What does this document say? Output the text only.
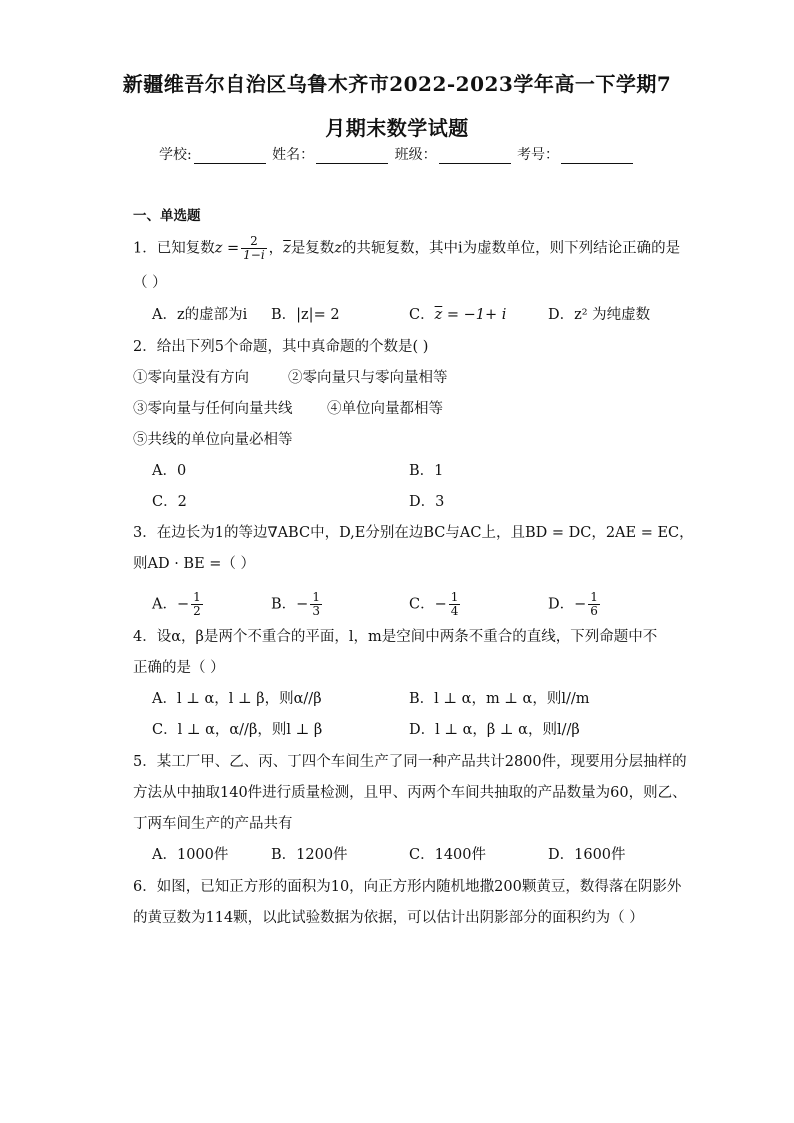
新疆维吾尔自治区乌鲁木齐市2022-2023学年高一下学期7
月期末数学试题
学校:	姓名：	班级：	考号：
一、单选题
1．已知复数$z = \frac{2}{1-i}$ ，$\overline{z}$是复数z的共轭复数，其中i为虚数单位，则下列结论正确的是
（ ）
A．z的虚部为i B．|z|= 2	C．$\overline{z} = -1+ i$	D．z² 为纯虚数
2．给出下列5个命题，其中真命题的个数是( )
①零向量没有方向	②零向量只与零向量相等
③零向量与任何向量共线 ④单位向量都相等
⑤共线的单位向量必相等
A．0	B．1
C．2	D．3
3．在边长为1的等边∇ABC中，D,E分别在边BC与AC上，且BD = DC，2AE = EC，
则AD · BE =（ ）
A．− $\frac{1}{2}$	B．− $\frac{1}{3}$	C．− $\frac{1}{4}$	D．− $\frac{1}{6}$
4．设α，β是两个不重合的平面，l，m是空间中两条不重合的直线，下列命题中不
正确的是（ ）
A．l ⊥ α，l ⊥ β，则α//β	B．l ⊥ α，m ⊥ α，则l//m
C．l ⊥ α，α//β，则l ⊥ β	D．l ⊥ α，β ⊥ α，则l//β
5．某工厂甲、乙、丙、丁四个车间生产了同一种产品共计2800件，现要用分层抽样的
方法从中抽取140件进行质量检测，且甲、丙两个车间共抽取的产品数量为60，则乙、
丁两车间生产的产品共有
A．1000件	B．1200件	C．1400件	D．1600件
6．如图，已知正方形的面积为10，向正方形内随机地撒200颗黄豆，数得落在阴影外
的黄豆数为114颗，以此试验数据为依据，可以估计出阴影部分的面积约为（ ）
